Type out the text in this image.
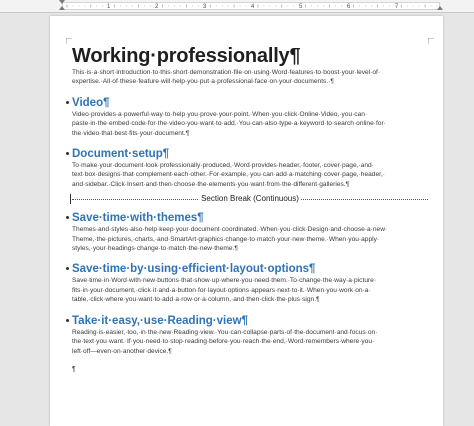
1	2	3	4	5	6	7
Working·professionally¶

This·is·a·short·introduction·to·this·short·demonstration·file·on·using·Word·features·to·boost·your·level·of·
expertise.·All·of·these·feature·will·help·you·put·a·professional·face·on·your·documents.·¶

Video¶

Video·provides·a·powerful·way·to·help·you·prove·your·point.·When·you·click·Online·Video,·you·can·
paste·in·the·embed·code·for·the·video·you·want·to·add.·You·can·also·type·a·keyword·to·search·online·for·
the·video·that·best·fits·your·document.¶

Document·setup¶

To·make·your·document·look·professionally·produced,·Word·provides·header,·footer,·cover·page,·and·
text·box·designs·that·complement·each·other.·For·example,·you·can·add·a·matching·cover·page,·header,·
and·sidebar.·Click·Insert·and·then·choose·the·elements·you·want·from·the·different·galleries.¶

Section Break (Continuous)
Save·time·with·themes¶

Themes·and·styles·also·help·keep·your·document·coordinated.·When·you·click·Design·and·choose·a·new·
Theme,·the·pictures,·charts,·and·SmartArt·graphics·change·to·match·your·new·theme.·When·you·apply·
styles,·your·headings·change·to·match·the·new·theme.¶

Save·time·by·using·efficient·layout·options¶

Save·time·in·Word·with·new·buttons·that·show·up·where·you·need·them.·To·change·the·way·a·picture·
fits·in·your·document,·click·it·and·a·button·for·layout·options·appears·next·to·it.·When·you·work·on·a·
table,·click·where·you·want·to·add·a·row·or·a·column,·and·then·click·the·plus·sign.¶

Take·it·easy,·use·Reading·view¶

Reading·is·easier,·too,·in·the·new·Reading·view.·You·can·collapse·parts·of·the·document·and·focus·on·
the·text·you·want.·If·you·need·to·stop·reading·before·you·reach·the·end,·Word·remembers·where·you·
left·off—even·on·another·device.¶

¶
